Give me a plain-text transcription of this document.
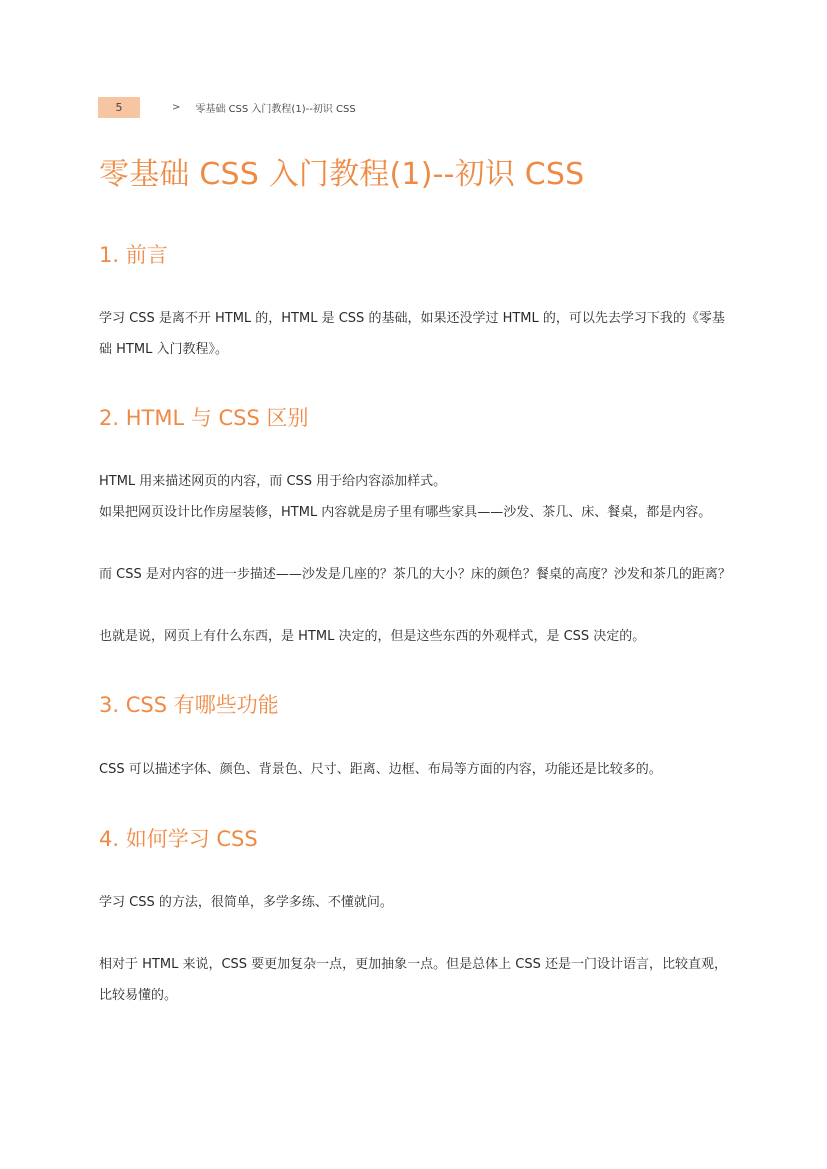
5	> 零基础 CSS 入门教程(1)--初识 CSS
零基础 CSS 入门教程(1)--初识 CSS
1. 前言

学习 CSS 是离不开 HTML 的，HTML 是 CSS 的基础，如果还没学过 HTML 的，可以先去学习下我的《零基础 HTML 入门教程》。

2. HTML 与 CSS 区别

HTML 用来描述网页的内容，而 CSS 用于给内容添加样式。

如果把网页设计比作房屋装修，HTML 内容就是房子里有哪些家具——沙发、茶几、床、餐桌，都是内容。

而 CSS 是对内容的进一步描述——沙发是几座的？茶几的大小？床的颜色？餐桌的高度？沙发和茶几的距离？

也就是说，网页上有什么东西，是 HTML 决定的，但是这些东西的外观样式，是 CSS 决定的。

3. CSS 有哪些功能

CSS 可以描述字体、颜色、背景色、尺寸、距离、边框、布局等方面的内容，功能还是比较多的。

4. 如何学习 CSS

学习 CSS 的方法，很简单，多学多练、不懂就问。

相对于 HTML 来说，CSS 要更加复杂一点，更加抽象一点。但是总体上 CSS 还是一门设计语言，比较直观，比较易懂的。
